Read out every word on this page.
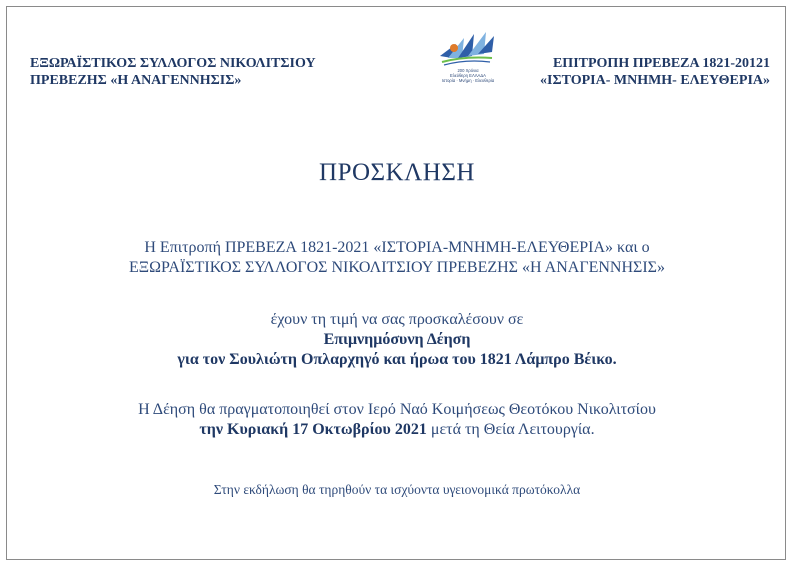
ΕΞΩΡΑΪΣΤΙΚΟΣ ΣΥΛΛΟΓΟΣ ΝΙΚΟΛΙΤΣΙΟΥ
ΠΡΕΒΕΖΗΣ «Η ΑΝΑΓΕΝΝΗΣΙΣ»
200 Χρόνια
Ελεύθερη ΕΛΛΑΔΑ
Ιστορία · Μνήμη · Ελευθερία
ΕΠΙΤΡΟΠΗ ΠΡΕΒΕΖΑ 1821-20121
«ΙΣΤΟΡΙΑ- ΜΝΗΜΗ- ΕΛΕΥΘΕΡΙΑ»
ΠΡΟΣΚΛΗΣΗ
Η Επιτροπή ΠΡΕΒΕΖΑ 1821-2021 «ΙΣΤΟΡΙΑ-ΜΝΗΜΗ-ΕΛΕΥΘΕΡΙΑ» και ο
ΕΞΩΡΑΪΣΤΙΚΟΣ ΣΥΛΛΟΓΟΣ ΝΙΚΟΛΙΤΣΙΟΥ ΠΡΕΒΕΖΗΣ «Η ΑΝΑΓΕΝΝΗΣΙΣ»
έχουν τη τιμή να σας προσκαλέσουν σε
Επιμνημόσυνη Δέηση
για τον Σουλιώτη Οπλαρχηγό και ήρωα του 1821 Λάμπρο Βέικο.
Η Δέηση θα πραγματοποιηθεί στον Ιερό Ναό Κοιμήσεως Θεοτόκου Νικολιτσίου
την Κυριακή 17 Οκτωβρίου 2021 μετά τη Θεία Λειτουργία.
Στην εκδήλωση θα τηρηθούν τα ισχύοντα υγειονομικά πρωτόκολλα
